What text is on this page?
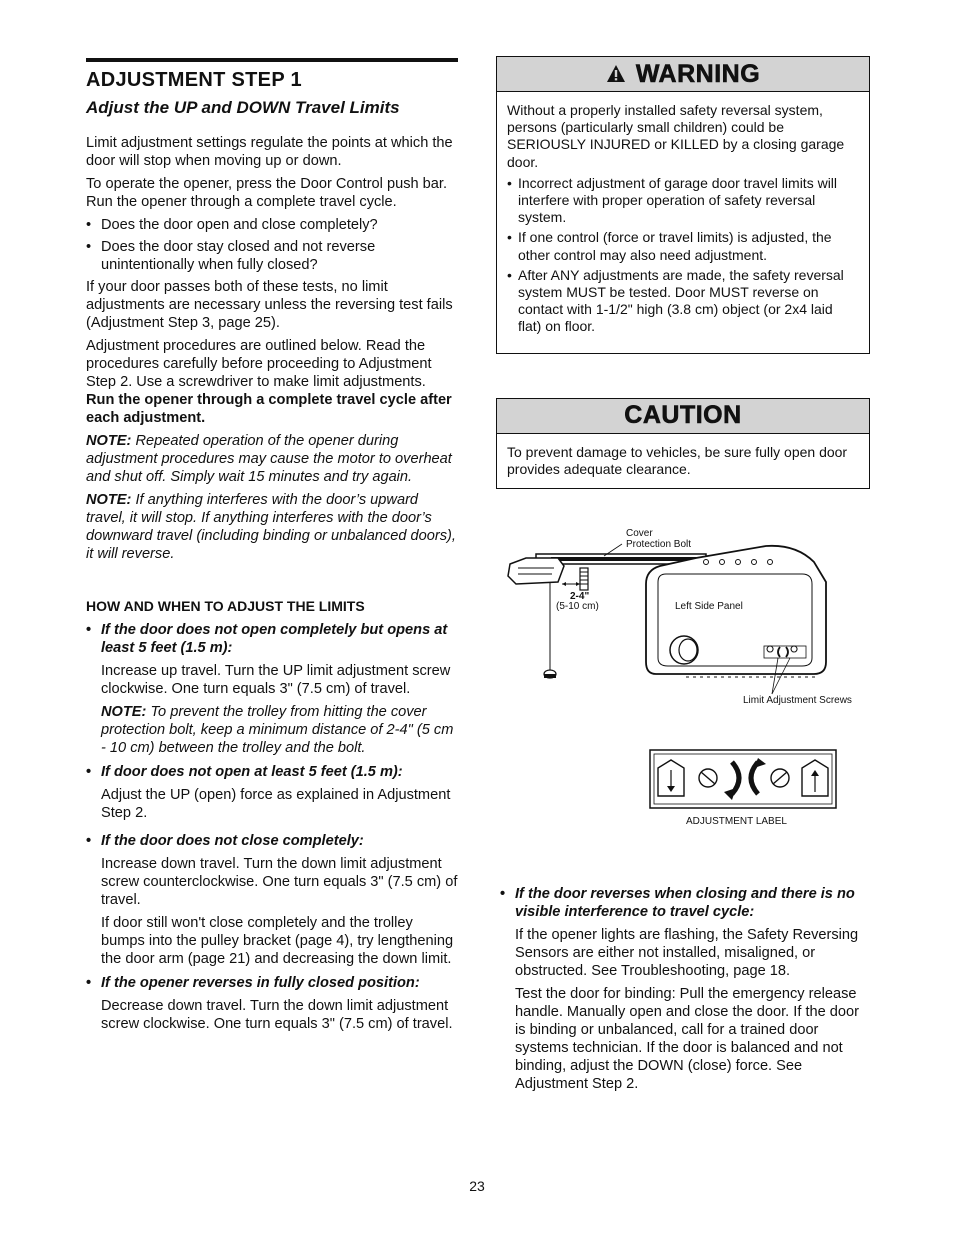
ADJUSTMENT STEP 1
Adjust the UP and DOWN Travel Limits

Limit adjustment settings regulate the points at which the door will stop when moving up or down.

To operate the opener, press the Door Control push bar. Run the opener through a complete travel cycle.

• Does the door open and close completely?
• Does the door stay closed and not reverse unintentionally when fully closed?

If your door passes both of these tests, no limit adjustments are necessary unless the reversing test fails (Adjustment Step 3, page 25).

Adjustment procedures are outlined below. Read the procedures carefully before proceeding to Adjustment Step 2. Use a screwdriver to make limit adjustments. Run the opener through a complete travel cycle after each adjustment.

NOTE: Repeated operation of the opener during adjustment procedures may cause the motor to overheat and shut off. Simply wait 15 minutes and try again.

NOTE: If anything interferes with the door’s upward travel, it will stop. If anything interferes with the door’s downward travel (including binding or unbalanced doors), it will reverse.

HOW AND WHEN TO ADJUST THE LIMITS
• If the door does not open completely but opens at least 5 feet (1.5 m):

Increase up travel. Turn the UP limit adjustment screw clockwise. One turn equals 3" (7.5 cm) of travel.

NOTE: To prevent the trolley from hitting the cover protection bolt, keep a minimum distance of 2-4" (5 cm - 10 cm) between the trolley and the bolt.

• If door does not open at least 5 feet (1.5 m):

Adjust the UP (open) force as explained in Adjustment Step 2.

• If the door does not close completely:

Increase down travel. Turn the down limit adjustment screw counterclockwise. One turn equals 3" (7.5 cm) of travel.

If door still won't close completely and the trolley bumps into the pulley bracket (page 4), try lengthening the door arm (page 21) and decreasing the down limit.

• If the opener reverses in fully closed position:

Decrease down travel. Turn the down limit adjustment screw clockwise. One turn equals 3" (7.5 cm) of travel.

WARNING

Without a properly installed safety reversal system, persons (particularly small children) could be SERIOUSLY INJURED or KILLED by a closing garage door.

• Incorrect adjustment of garage door travel limits will interfere with proper operation of safety reversal system.
• If one control (force or travel limits) is adjusted, the other control may also need adjustment.
• After ANY adjustments are made, the safety reversal system MUST be tested. Door MUST reverse on contact with 1-1/2" high (3.8 cm) object (or 2x4 laid flat) on floor.
CAUTION

To prevent damage to vehicles, be sure fully open door provides adequate clearance.

Cover
Protection Bolt
2-4"
(5-10 cm)	Left Side Panel
Limit Adjustment Screws
ADJUSTMENT LABEL
• If the door reverses when closing and there is no visible interference to travel cycle:

If the opener lights are flashing, the Safety Reversing Sensors are either not installed, misaligned, or obstructed. See Troubleshooting, page 18.

Test the door for binding: Pull the emergency release handle. Manually open and close the door. If the door is binding or unbalanced, call for a trained door systems technician. If the door is balanced and not binding, adjust the DOWN (close) force. See Adjustment Step 2.

23
